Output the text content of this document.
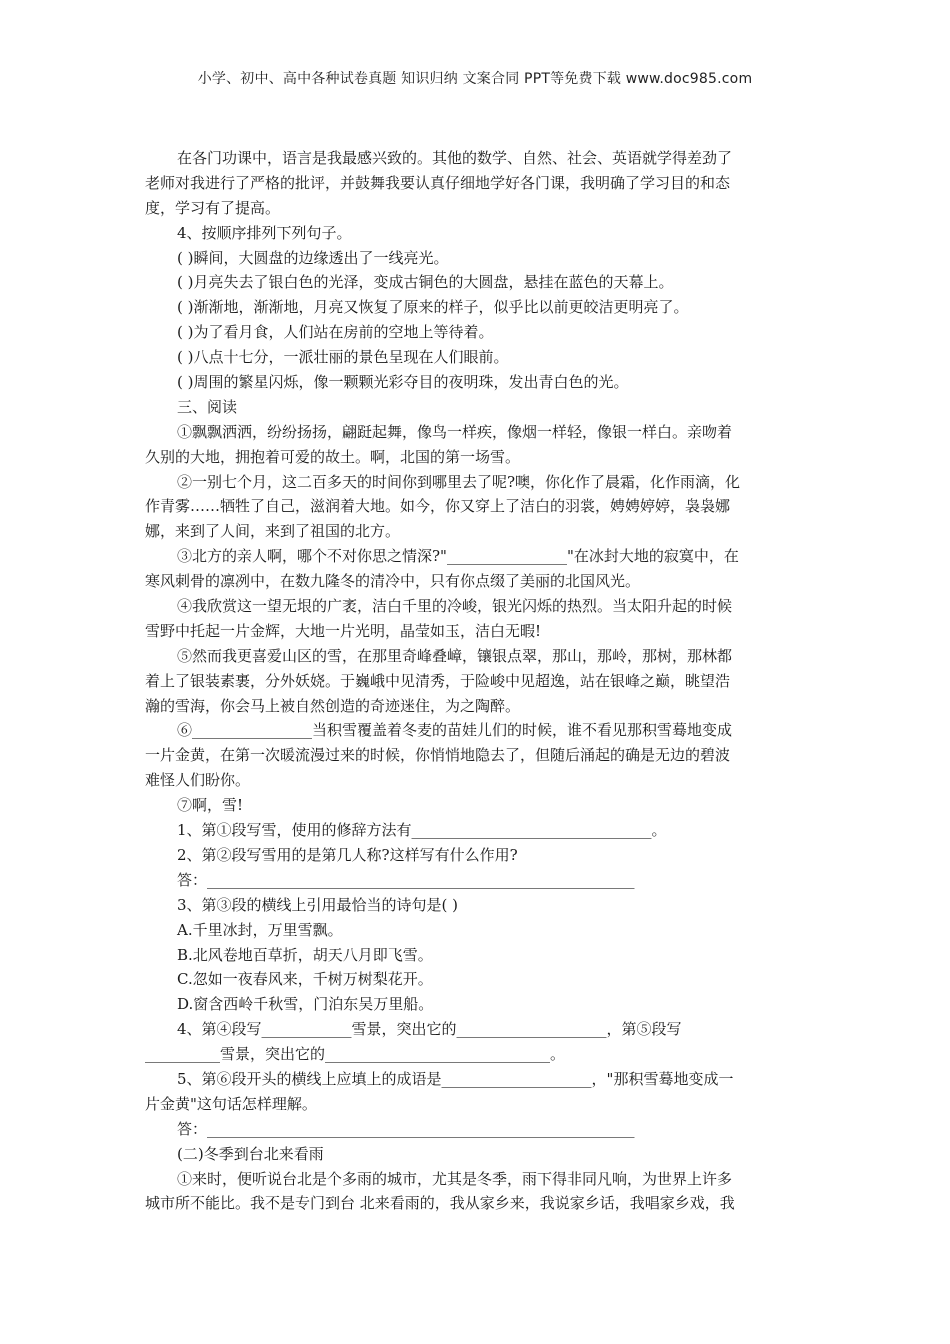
小学、初中、高中各种试卷真题 知识归纳 文案合同 PPT等免费下载 www.doc985.com
在各门功课中，语言是我最感兴致的。其他的数学、自然、社会、英语就学得差劲了
老师对我进行了严格的批评，并鼓舞我要认真仔细地学好各门课，我明确了学习目的和态
度，学习有了提高。
4、按顺序排列下列句子。
( )瞬间，大圆盘的边缘透出了一线亮光。
( )月亮失去了银白色的光泽，变成古铜色的大圆盘，悬挂在蓝色的天幕上。
( )渐渐地，渐渐地，月亮又恢复了原来的样子，似乎比以前更皎洁更明亮了。
( )为了看月食，人们站在房前的空地上等待着。
( )八点十七分，一派壮丽的景色呈现在人们眼前。
( )周围的繁星闪烁，像一颗颗光彩夺目的夜明珠，发出青白色的光。
三、阅读
①飘飘洒洒，纷纷扬扬，翩跹起舞，像鸟一样疾，像烟一样轻，像银一样白。亲吻着
久别的大地，拥抱着可爱的故土。啊，北国的第一场雪。
②一别七个月，这二百多天的时间你到哪里去了呢?噢，你化作了晨霜，化作雨滴，化
作青雾……牺牲了自己，滋润着大地。如今，你又穿上了洁白的羽裳，娉娉婷婷，袅袅娜
娜，来到了人间，来到了祖国的北方。
③北方的亲人啊，哪个不对你思之情深?"________________"在冰封大地的寂寞中，在
寒风刺骨的凛冽中，在数九隆冬的清冷中，只有你点缀了美丽的北国风光。
④我欣赏这一望无垠的广袤，洁白千里的冷峻，银光闪烁的热烈。当太阳升起的时候
雪野中托起一片金辉，大地一片光明，晶莹如玉，洁白无暇!
⑤然而我更喜爱山区的雪，在那里奇峰叠嶂，镶银点翠，那山，那岭，那树，那林都
着上了银装素裹，分外妖娆。于巍峨中见清秀，于险峻中见超逸，站在银峰之巅，眺望浩
瀚的雪海，你会马上被自然创造的奇迹迷住，为之陶醉。
⑥________________当积雪覆盖着冬麦的苗娃儿们的时候，谁不看见那积雪蓦地变成
一片金黄，在第一次暖流漫过来的时候，你悄悄地隐去了，但随后涌起的确是无边的碧波
难怪人们盼你。
⑦啊，雪!
1、第①段写雪，使用的修辞方法有________________________________。
2、第②段写雪用的是第几人称?这样写有什么作用?
答：_________________________________________________________
3、第③段的横线上引用最恰当的诗句是( )
A.千里冰封，万里雪飘。
B.北风卷地百草折，胡天八月即飞雪。
C.忽如一夜春风来，千树万树梨花开。
D.窗含西岭千秋雪，门泊东吴万里船。
4、第④段写____________雪景，突出它的____________________，第⑤段写
__________雪景，突出它的______________________________。
5、第⑥段开头的横线上应填上的成语是____________________，"那积雪蓦地变成一
片金黄"这句话怎样理解。
答：_________________________________________________________
(二)冬季到台北来看雨
①来时，便听说台北是个多雨的城市，尤其是冬季，雨下得非同凡响，为世界上许多
城市所不能比。我不是专门到台 北来看雨的，我从家乡来，我说家乡话，我唱家乡戏，我
